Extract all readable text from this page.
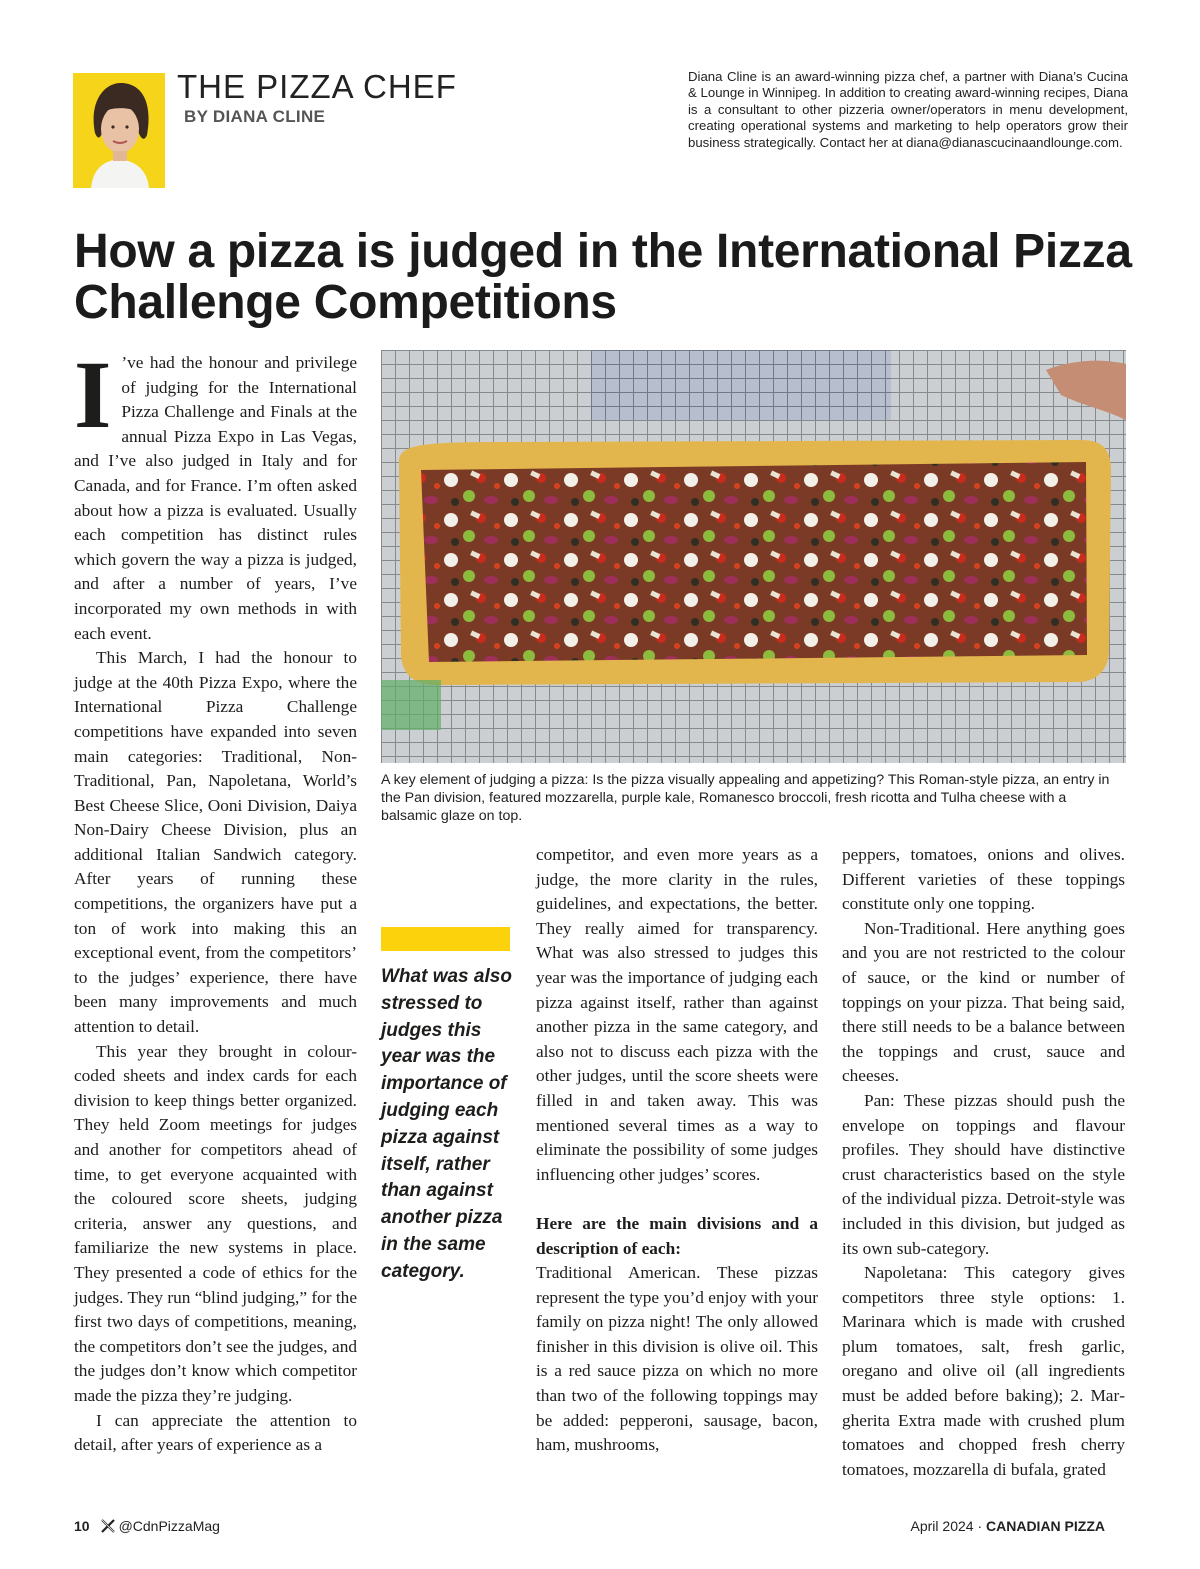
THE PIZZA CHEF
BY DIANA CLINE
Diana Cline is an award-winning pizza chef, a partner with Diana’s Cucina & Lounge in Winnipeg. In addition to creating award-winning recipes, Diana is a consultant to other pizzeria owner/operators in menu development, creating operational systems and marketing to help operators grow their business strategically. Contact her at diana@dianascucinaandlounge.com.
How a pizza is judged in the International Pizza Challenge Competitions

I ’ve had the honour and privilege of judging for the International Pizza Challenge and Finals at the annual Pizza Expo in Las Vegas, and I’ve also judged in Italy and for Canada, and for France. I’m often asked about how a pizza is evaluated. Usually each competition has distinct rules which govern the way a pizza is judged, and after a number of years, I’ve incorporated my own methods in with each event.

This March, I had the honour to judge at the 40th Pizza Expo, where the International Pizza Challenge competitions have expanded into seven main categories: Traditional, Non-Traditional, Pan, Napoletana, World’s Best Cheese Slice, Ooni Division, Daiya Non-Dairy Cheese Division, plus an additional Italian Sandwich category. After years of running these competitions, the organizers have put a ton of work into making this an exceptional event, from the competitors’ to the judges’ experience, there have been many improvements and much attention to detail.

This year they brought in colour-coded sheets and index cards for each division to keep things better organized. They held Zoom meetings for judges and another for competitors ahead of time, to get everyone acquainted with the coloured score sheets, judging criteria, answer any questions, and familiarize the new systems in place. They presented a code of ethics for the judges. They run “blind judging,” for the first two days of competitions, meaning, the competitors don’t see the judges, and the judges don’t know which competitor made the pizza they’re judging.

I can appreciate the attention to detail, after years of experience as a

A key element of judging a pizza: Is the pizza visually appealing and appetizing? This Roman-style pizza, an entry in the Pan division, featured mozzarella, purple kale, Romanesco broccoli, fresh ricotta and Tulha cheese with a balsamic glaze on top.
What was also stressed to judges this year was the importance of judging each pizza against itself, rather than against another pizza in the same category.

competitor, and even more years as a judge, the more clarity in the rules, guidelines, and expectations, the better. They really aimed for transparency. What was also stressed to judges this year was the importance of judging each pizza against itself, rather than against another pizza in the same category, and also not to discuss each pizza with the other judges, until the score sheets were filled in and taken away. This was mentioned several times as a way to eliminate the possibility of some judges influencing other judges’ scores.

Here are the main divisions and a description of each:

Traditional American. These pizzas represent the type you’d enjoy with your family on pizza night! The only allowed finisher in this division is olive oil. This is a red sauce pizza on which no more than two of the following toppings may be added: pepperoni, sausage, bacon, ham, mushrooms,

peppers, tomatoes, onions and olives. Different varieties of these toppings constitute only one topping.

Non-Traditional. Here anything goes and you are not restricted to the colour of sauce, or the kind or number of toppings on your pizza. That being said, there still needs to be a balance between the toppings and crust, sauce and cheeses.

Pan: These pizzas should push the envelope on toppings and flavour profiles. They should have distinctive crust characteristics based on the style of the individual pizza. Detroit-style was included in this division, but judged as its own sub-category.

Napoletana: This category gives competitors three style options: 1. Marinara which is made with crushed plum tomatoes, salt, fresh garlic, oregano and olive oil (all ingredients must be added before baking); 2. Margherita Extra made with crushed plum tomatoes and chopped fresh cherry tomatoes, mozzarella di bufala, grated

10 @CdnPizzaMag	April 2024 · CANADIAN PIZZA
